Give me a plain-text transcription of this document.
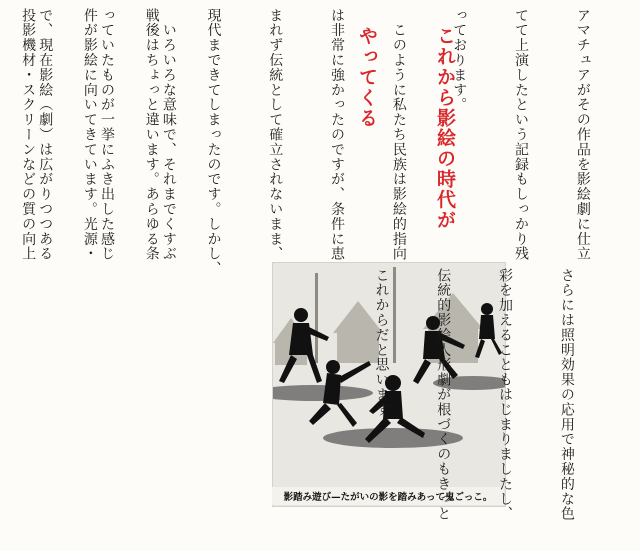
アマチュアがその作品を影絵劇に仕立

てて上演したという記録もしっかり残

っております。

これから影絵の時代が

やってくる

　このように私たち民族は影絵的指向

は非常に強かったのですが、条件に恵

まれず伝統として確立されないまま、

現代まできてしまったのです。しかし、

戦後はちょっと違います。あらゆる条

件が影絵に向いてきています。光源・

投影機材・スクリーンなどの質の向上

	　いろいろな意味で、それまでくすぶ

っていたものが一挙にふき出した感じ

で、現在影絵（劇）は広がりつつある

影踏み遊び—たがいの影を踏みあって鬼ごっこ。

	さらには照明効果の応用で神秘的な色

彩を加えることもはじまりましたし、

伝統的影絵人形劇が根づくのもきっと

これからだと思います。
